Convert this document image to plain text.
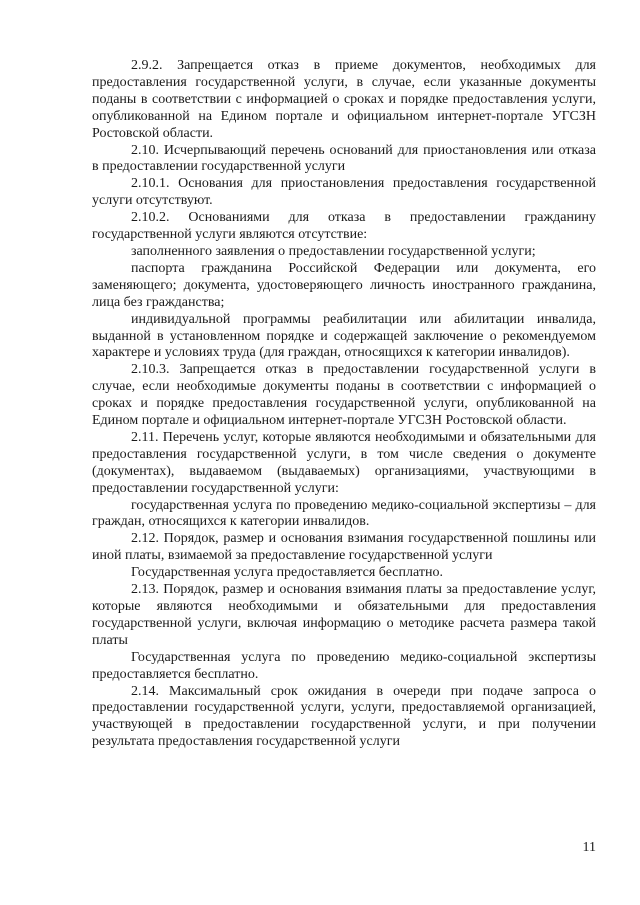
2.9.2. Запрещается отказ в приеме документов, необходимых для предоставления государственной услуги, в случае, если указанные документы поданы в соответствии с информацией о сроках и порядке предоставления услуги, опубликованной на Едином портале и официальном интернет-портале УГСЗН Ростовской области.

2.10. Исчерпывающий перечень оснований для приостановления или отказа в предоставлении государственной услуги

2.10.1. Основания для приостановления предоставления государственной услуги отсутствуют.

2.10.2. Основаниями для отказа в предоставлении гражданину государственной услуги являются отсутствие:

заполненного заявления о предоставлении государственной услуги;

паспорта гражданина Российской Федерации или документа, его заменяющего; документа, удостоверяющего личность иностранного гражданина, лица без гражданства;

индивидуальной программы реабилитации или абилитации инвалида, выданной в установленном порядке и содержащей заключение о рекомендуемом характере и условиях труда (для граждан, относящихся к категории инвалидов).

2.10.3. Запрещается отказ в предоставлении государственной услуги в случае, если необходимые документы поданы в соответствии с информацией о сроках и порядке предоставления государственной услуги, опубликованной на Едином портале и официальном интернет-портале УГСЗН Ростовской области.

2.11. Перечень услуг, которые являются необходимыми и обязательными для предоставления государственной услуги, в том числе сведения о документе (документах), выдаваемом (выдаваемых) организациями, участвующими в предоставлении государственной услуги:

государственная услуга по проведению медико-социальной экспертизы – для граждан, относящихся к категории инвалидов.

2.12. Порядок, размер и основания взимания государственной пошлины или иной платы, взимаемой за предоставление государственной услуги

Государственная услуга предоставляется бесплатно.

2.13. Порядок, размер и основания взимания платы за предоставление услуг, которые являются необходимыми и обязательными для предоставления государственной услуги, включая информацию о методике расчета размера такой платы

Государственная услуга по проведению медико-социальной экспертизы предоставляется бесплатно.

2.14. Максимальный срок ожидания в очереди при подаче запроса о предоставлении государственной услуги, услуги, предоставляемой организацией, участвующей в предоставлении государственной услуги, и при получении результата предоставления государственной услуги

11
